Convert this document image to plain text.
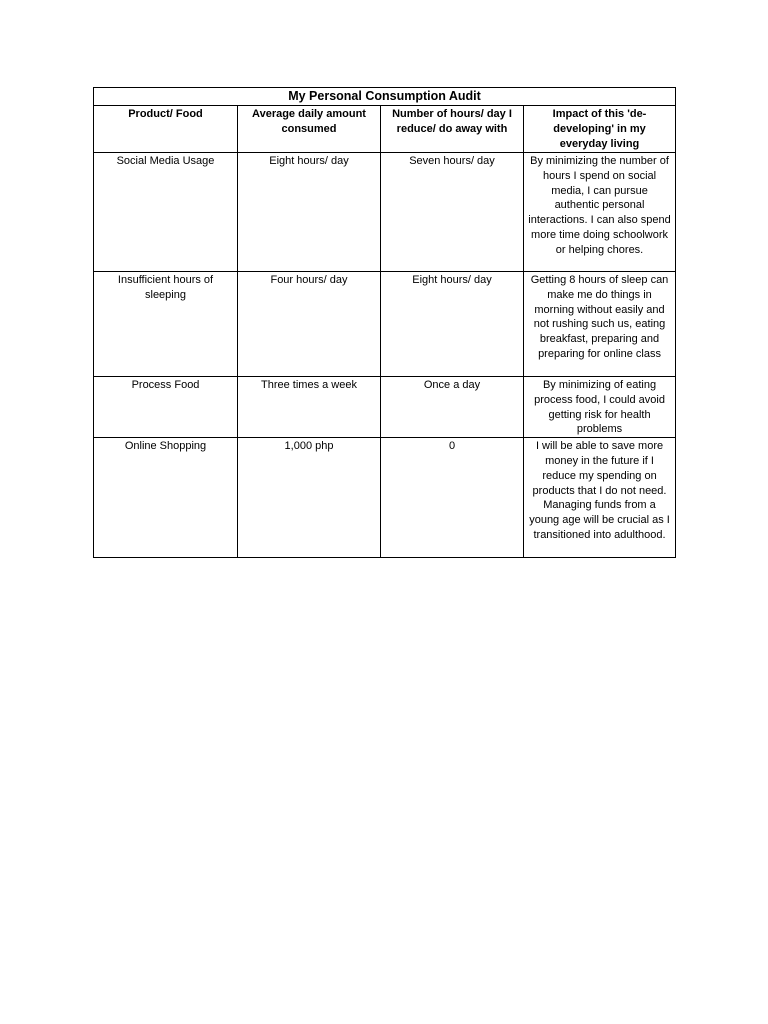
My Personal Consumption Audit			
Product/ Food	Average daily amount consumed	Number of hours/ day I reduce/ do away with	Impact of this 'de-developing' in my everyday living
Social Media Usage	Eight hours/ day	Seven hours/ day	By minimizing the number of hours I spend on social media, I can pursue authentic personal interactions. I can also spend more time doing schoolwork or helping chores.
Insufficient hours of sleeping	Four hours/ day	Eight hours/ day	Getting 8 hours of sleep can make me do things in morning without easily and not rushing such us, eating breakfast, preparing and preparing for online class
Process Food	Three times a week	Once a day	By minimizing of eating process food, I could avoid getting risk for health problems
Online Shopping	1,000 php	0	I will be able to save more money in the future if I reduce my spending on products that I do not need. Managing funds from a young age will be crucial as I transitioned into adulthood.
